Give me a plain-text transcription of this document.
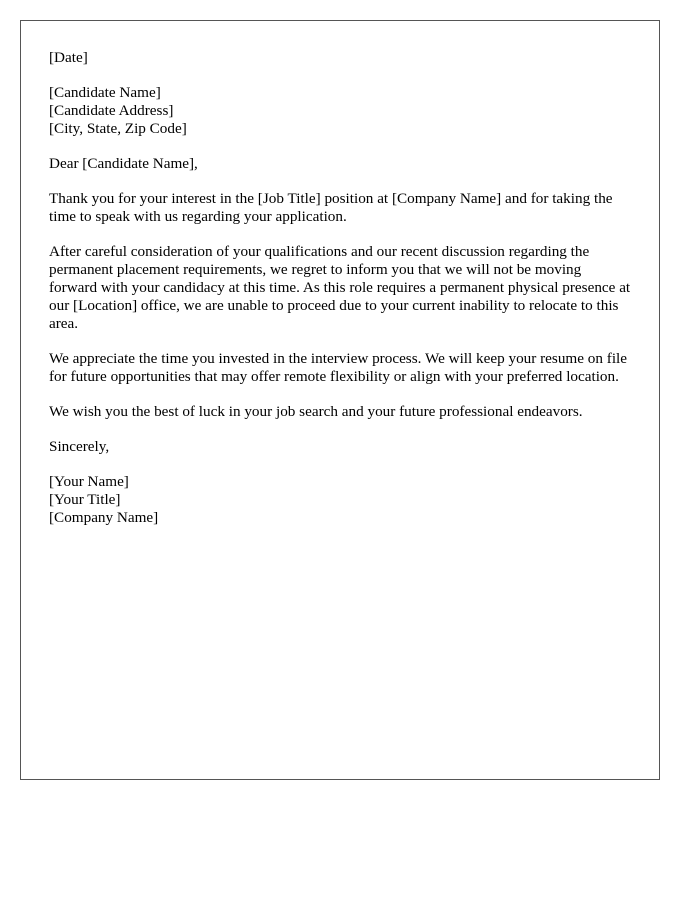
[Date]

[Candidate Name]
[Candidate Address]
[City, State, Zip Code]

Dear [Candidate Name],

Thank you for your interest in the [Job Title] position at [Company Name] and for taking the time to speak with us regarding your application.

After careful consideration of your qualifications and our recent discussion regarding the permanent placement requirements, we regret to inform you that we will not be moving forward with your candidacy at this time. As this role requires a permanent physical presence at our [Location] office, we are unable to proceed due to your current inability to relocate to this area.

We appreciate the time you invested in the interview process. We will keep your resume on file for future opportunities that may offer remote flexibility or align with your preferred location.

We wish you the best of luck in your job search and your future professional endeavors.

Sincerely,

[Your Name]
[Your Title]
[Company Name]
